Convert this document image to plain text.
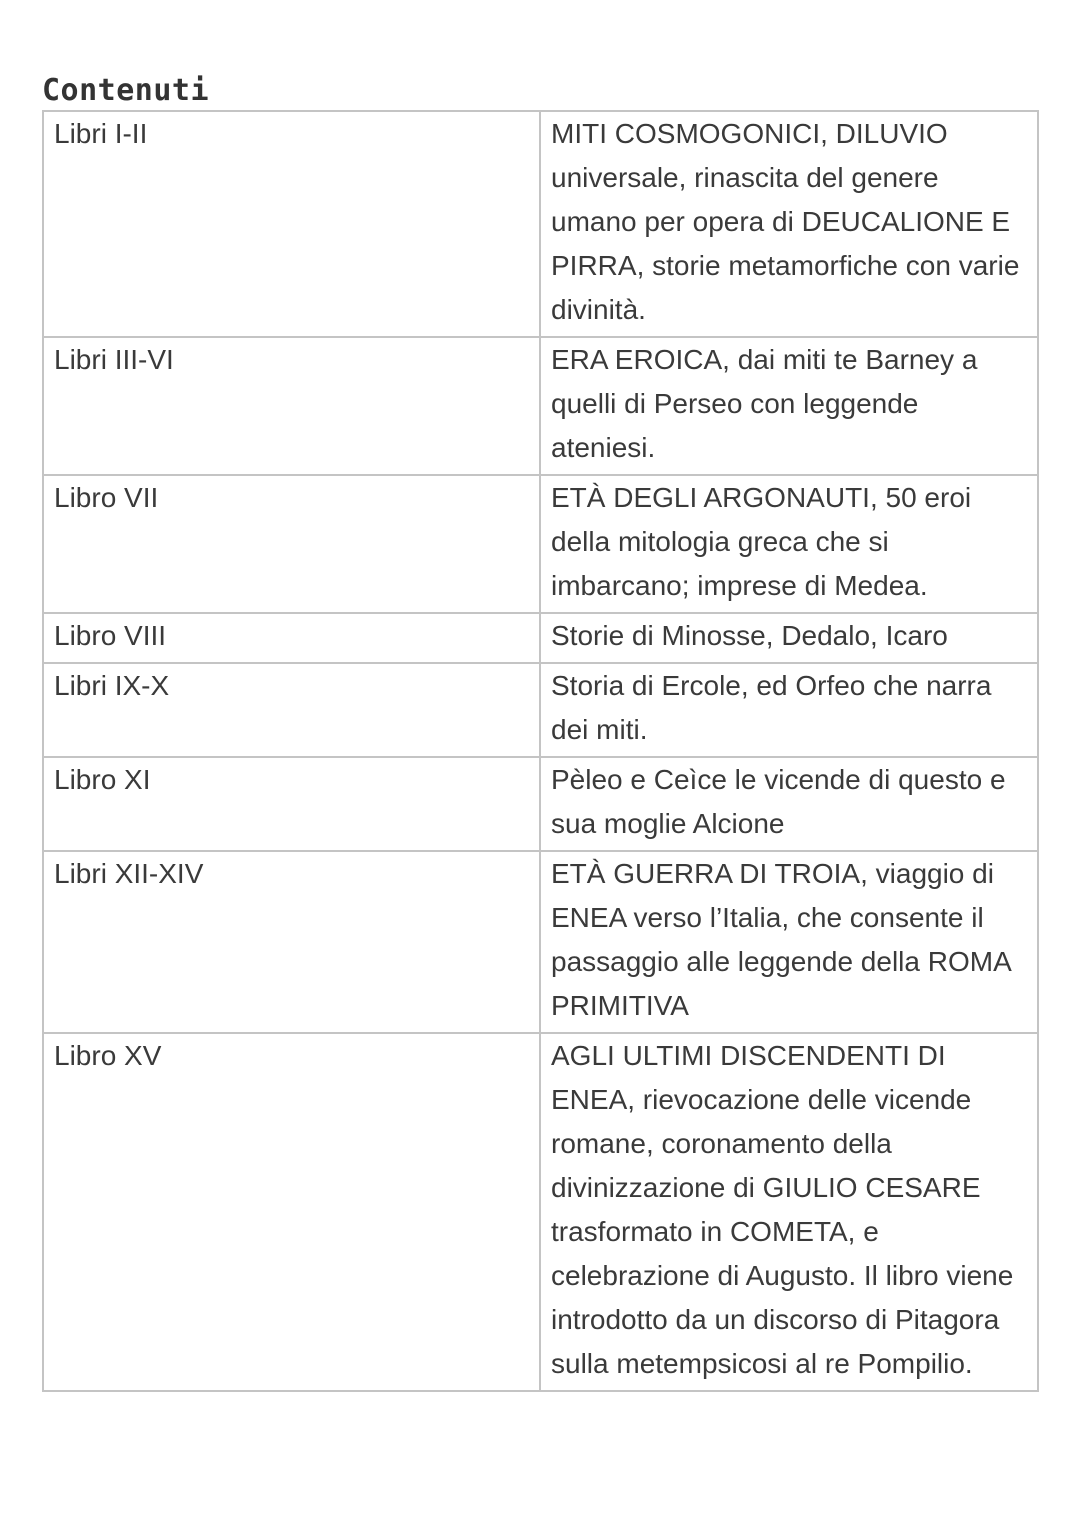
Contenuti
Libri I-II	MITI COSMOGONICI, DILUVIO universale, rinascita del genere umano per opera di DEUCALIONE E PIRRA, storie metamorfiche con varie divinità.
Libri III-VI	ERA EROICA, dai miti te Barney a quelli di Perseo con leggende ateniesi.
Libro VII	ETÀ DEGLI ARGONAUTI, 50 eroi della mitologia greca che si imbarcano; imprese di Medea.
Libro VIII	Storie di Minosse, Dedalo, Icaro
Libri IX-X	Storia di Ercole, ed Orfeo che narra dei miti.
Libro XI	Pèleo e Ceìce le vicende di questo e sua moglie Alcione
Libri XII-XIV	ETÀ GUERRA DI TROIA, viaggio di ENEA verso l’Italia, che consente il passaggio alle leggende della ROMA PRIMITIVA
Libro XV	AGLI ULTIMI DISCENDENTI DI ENEA, rievocazione delle vicende romane, coronamento della divinizzazione di GIULIO CESARE trasformato in COMETA, e celebrazione di Augusto. Il libro viene introdotto da un discorso di Pitagora sulla metempsicosi al re Pompilio.
